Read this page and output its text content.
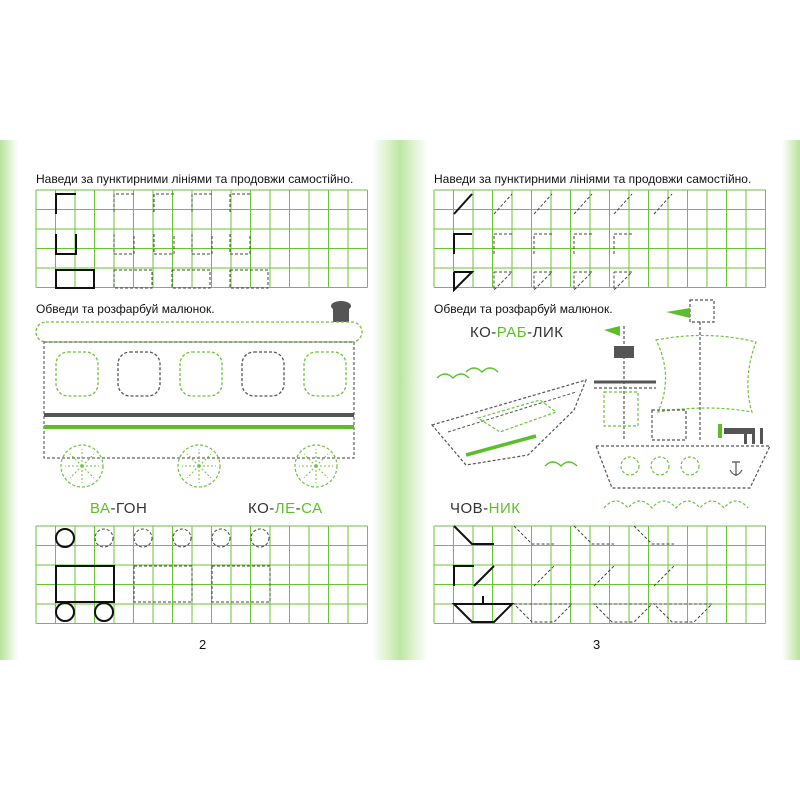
Наведи за пунктирними лініями та продовжи самостійно.
Обведи та розфарбуй малюнок.
Наведи за пунктирними лініями та продовжи самостійно.
Обведи та розфарбуй малюнок.
ВА-ГОН	КО-ЛЕ-СА
КО-РАБ-ЛИК
ЧОВ-НИК
2	3
